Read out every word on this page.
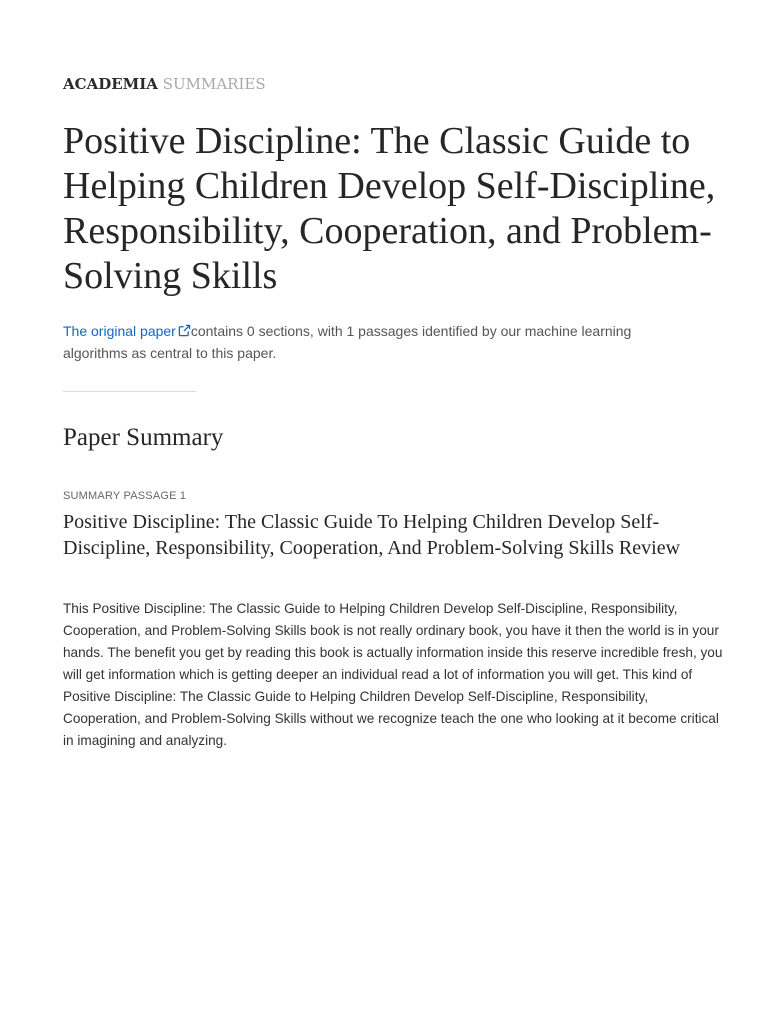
ACADEMIA SUMMARIES
Positive Discipline: The Classic Guide to Helping Children Develop Self-Discipline, Responsibility, Cooperation, and Problem-Solving Skills
The original paper contains 0 sections, with 1 passages identified by our machine learning algorithms as central to this paper.
Paper Summary
SUMMARY PASSAGE 1
Positive Discipline: The Classic Guide To Helping Children Develop Self-Discipline, Responsibility, Cooperation, And Problem-Solving Skills Review

This Positive Discipline: The Classic Guide to Helping Children Develop Self-Discipline, Responsibility, Cooperation, and Problem-Solving Skills book is not really ordinary book, you have it then the world is in your hands. The benefit you get by reading this book is actually information inside this reserve incredible fresh, you will get information which is getting deeper an individual read a lot of information you will get. This kind of Positive Discipline: The Classic Guide to Helping Children Develop Self-Discipline, Responsibility, Cooperation, and Problem-Solving Skills without we recognize teach the one who looking at it become critical in imagining and analyzing.
